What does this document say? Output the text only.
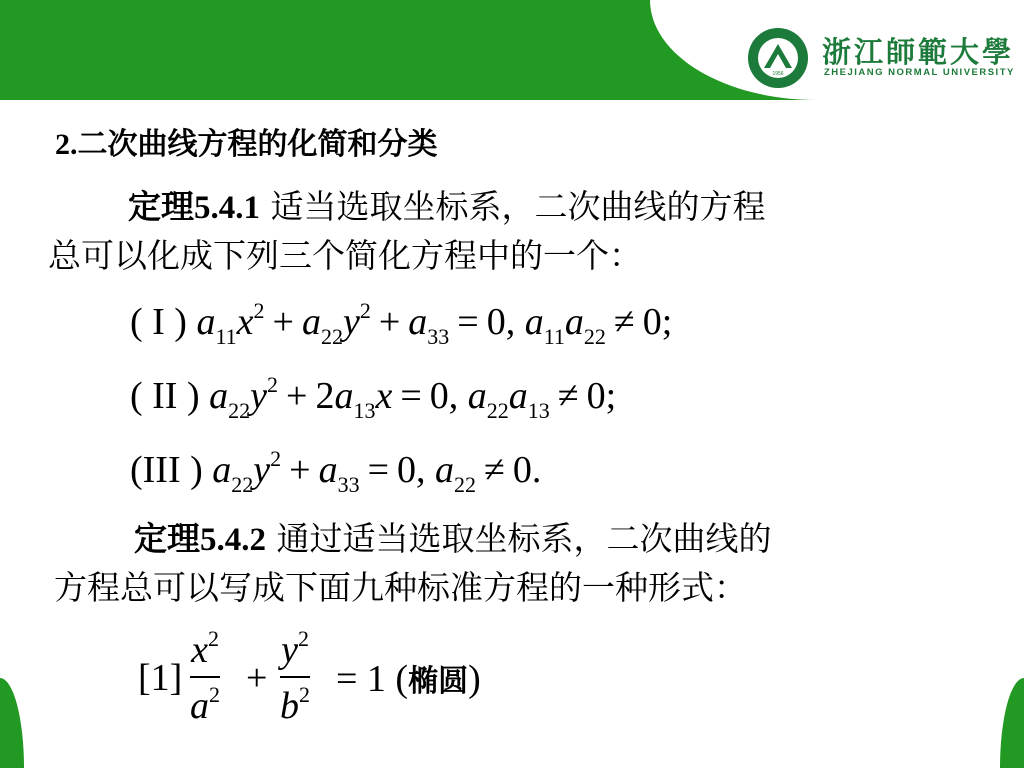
1956
浙江師範大學
ZHEJIANG NORMAL UNIVERSITY
2.二次曲线方程的化简和分类
定理5.4.1 适当选取坐标系，二次曲线的方程
总可以化成下列三个简化方程中的一个：
( I ) $a_{11}x^2 + a_{22}y^2 + a_{33} = 0$, $a_{11}a_{22} \ne 0$;
( II ) $a_{22}y^2 + 2a_{13}x = 0$, $a_{22}a_{13} \ne 0$;
(III ) $a_{22}y^2 + a_{33} = 0$, $a_{22} \ne 0$.
定理5.4.2 通过适当选取坐标系，二次曲线的
方程总可以写成下面九种标准方程的一种形式：
[1]
$x^2$
$a^2$ +
$y^2$
$b^2 = 1$ (椭圆)
